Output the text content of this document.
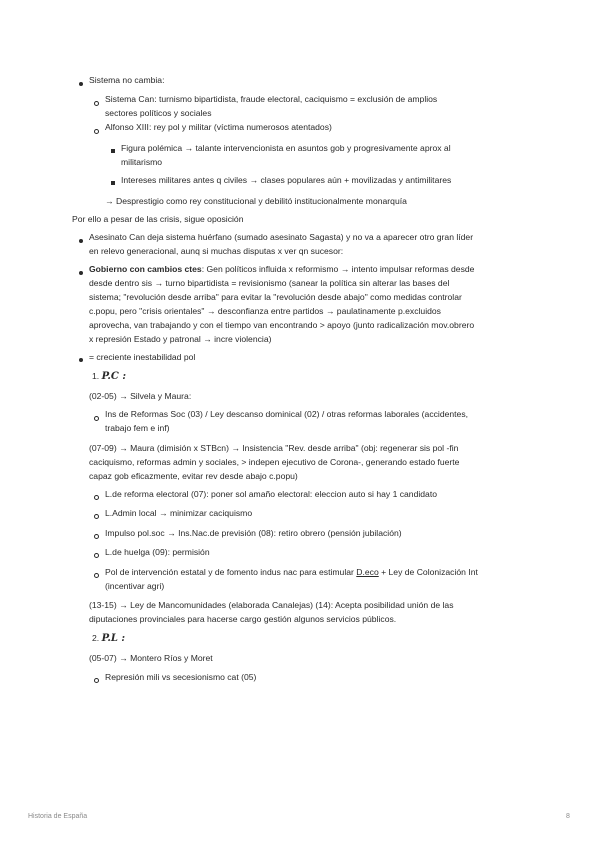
Sistema no cambia:
Sistema Can: turnismo bipartidista, fraude electoral, caciquismo = exclusión de amplios
sectores políticos y sociales
Alfonso XIII: rey pol y militar (víctima numerosos atentados)
Figura polémica → talante intervencionista en asuntos gob y progresivamente aprox al
militarismo
Intereses militares antes q civiles → clases populares aún + movilizadas y antimilitares
→ Desprestigio como rey constitucional y debilitó institucionalmente monarquía
Por ello a pesar de las crisis, sigue oposición
Asesinato Can deja sistema huérfano (sumado asesinato Sagasta) y no va a aparecer otro gran líder
en relevo generacional, aunq si muchas disputas x ver qn sucesor:
Gobierno con cambios ctes: Gen políticos influida x reformismo → intento impulsar reformas desde
desde dentro sis → turno bipartidista = revisionismo (sanear la política sin alterar las bases del
sistema; "revolución desde arriba" para evitar la "revolución desde abajo" como medidas controlar
c.popu, pero "crisis orientales" → desconfianza entre partidos → paulatinamente p.excluidos
aprovecha, van trabajando y con el tiempo van encontrando > apoyo (junto radicalización mov.obrero
x represión Estado y patronal → incre violencia)
= creciente inestabilidad pol
1. P.C :
(02-05) → Silvela y Maura:
Ins de Reformas Soc (03) / Ley descanso dominical (02) / otras reformas laborales (accidentes,
trabajo fem e inf)
(07-09) → Maura (dimisión x STBcn) → Insistencia "Rev. desde arriba" (obj: regenerar sis pol -fin
caciquismo, reformas admin y sociales, > indepen ejecutivo de Corona-, generando estado fuerte
capaz gob eficazmente, evitar rev desde abajo c.popu)
L.de reforma electoral (07): poner sol amaño electoral: eleccion auto si hay 1 candidato
L.Admin local → minimizar caciquismo
Impulso pol.soc → Ins.Nac.de previsión (08): retiro obrero (pensión jubilación)
L.de huelga (09): permisión
Pol de intervención estatal y de fomento indus nac para estimular D.eco + Ley de Colonización Int
(incentivar agri)
(13-15) → Ley de Mancomunidades (elaborada Canalejas) (14): Acepta posibilidad unión de las
diputaciones provinciales para hacerse cargo gestión algunos servicios públicos.
2. P.L :
(05-07) → Montero Ríos y Moret
Represión mili vs secesionismo cat (05)
Historia de España	8
